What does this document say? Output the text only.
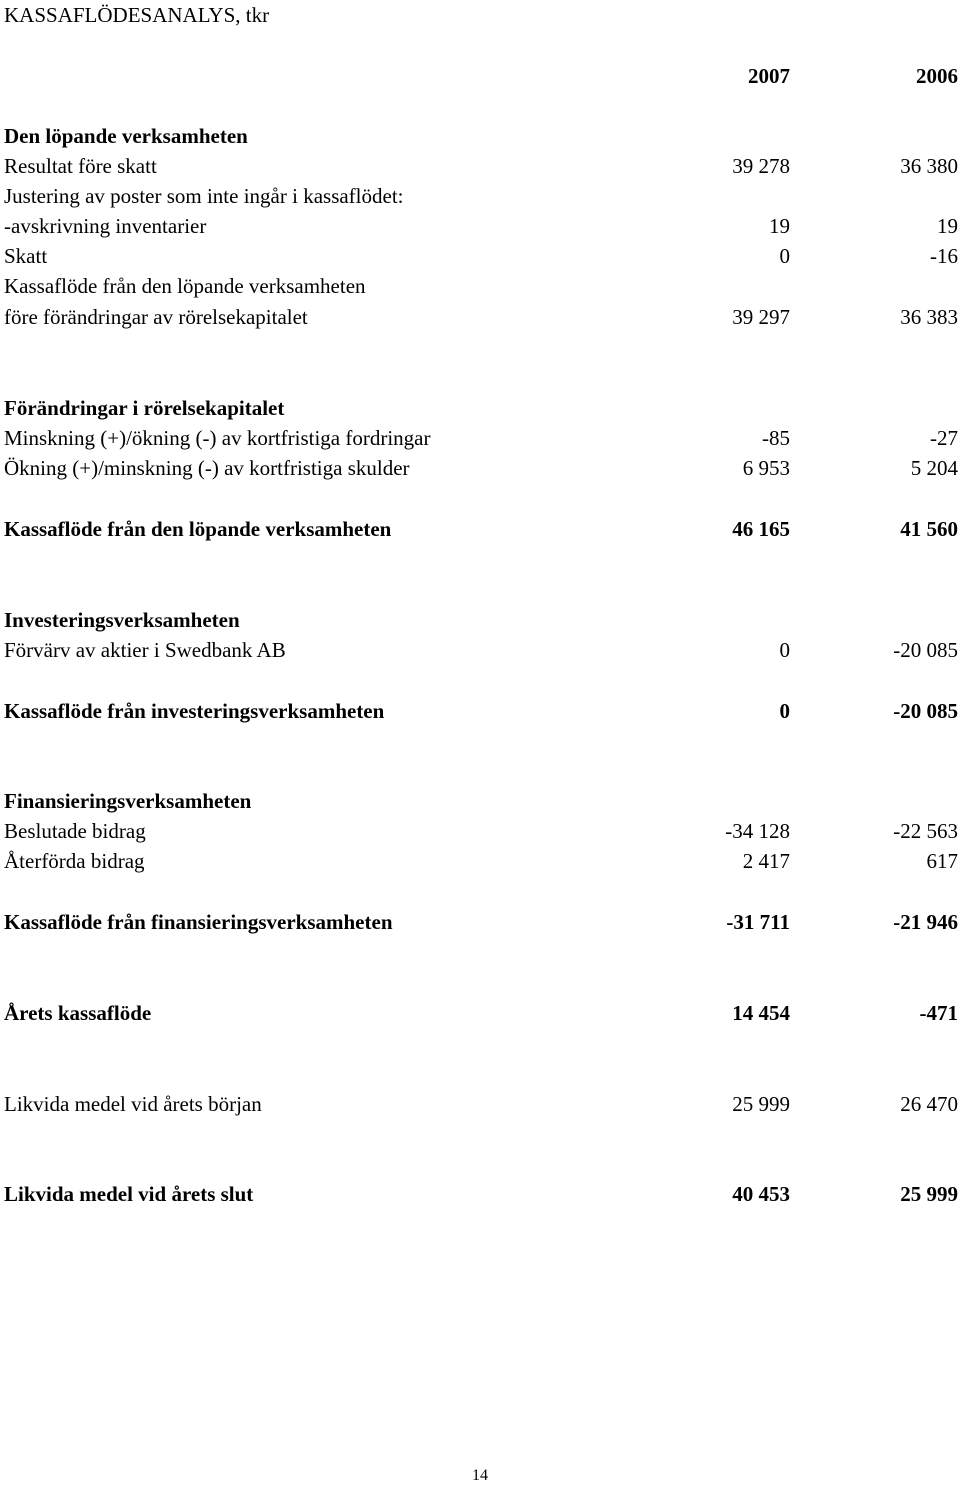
KASSAFLÖDESANALYS, tkr
2007	2006
Den löpande verksamheten
Resultat före skatt	39 278	36 380
Justering av poster som inte ingår i kassaflödet:
-avskrivning inventarier	19	19
Skatt	0	-16
Kassaflöde från den löpande verksamheten
före förändringar av rörelsekapitalet	39 297	36 383
Förändringar i rörelsekapitalet
Minskning (+)/ökning (-) av kortfristiga fordringar	-85	-27
Ökning (+)/minskning (-) av kortfristiga skulder	6 953	5 204
Kassaflöde från den löpande verksamheten	46 165	41 560
Investeringsverksamheten
Förvärv av aktier i Swedbank AB	0	-20 085
Kassaflöde från investeringsverksamheten	0	-20 085
Finansieringsverksamheten
Beslutade bidrag	-34 128	-22 563
Återförda bidrag	2 417	617
Kassaflöde från finansieringsverksamheten	-31 711	-21 946
Årets kassaflöde	14 454	-471
Likvida medel vid årets början	25 999	26 470
Likvida medel vid årets slut	40 453	25 999
14
